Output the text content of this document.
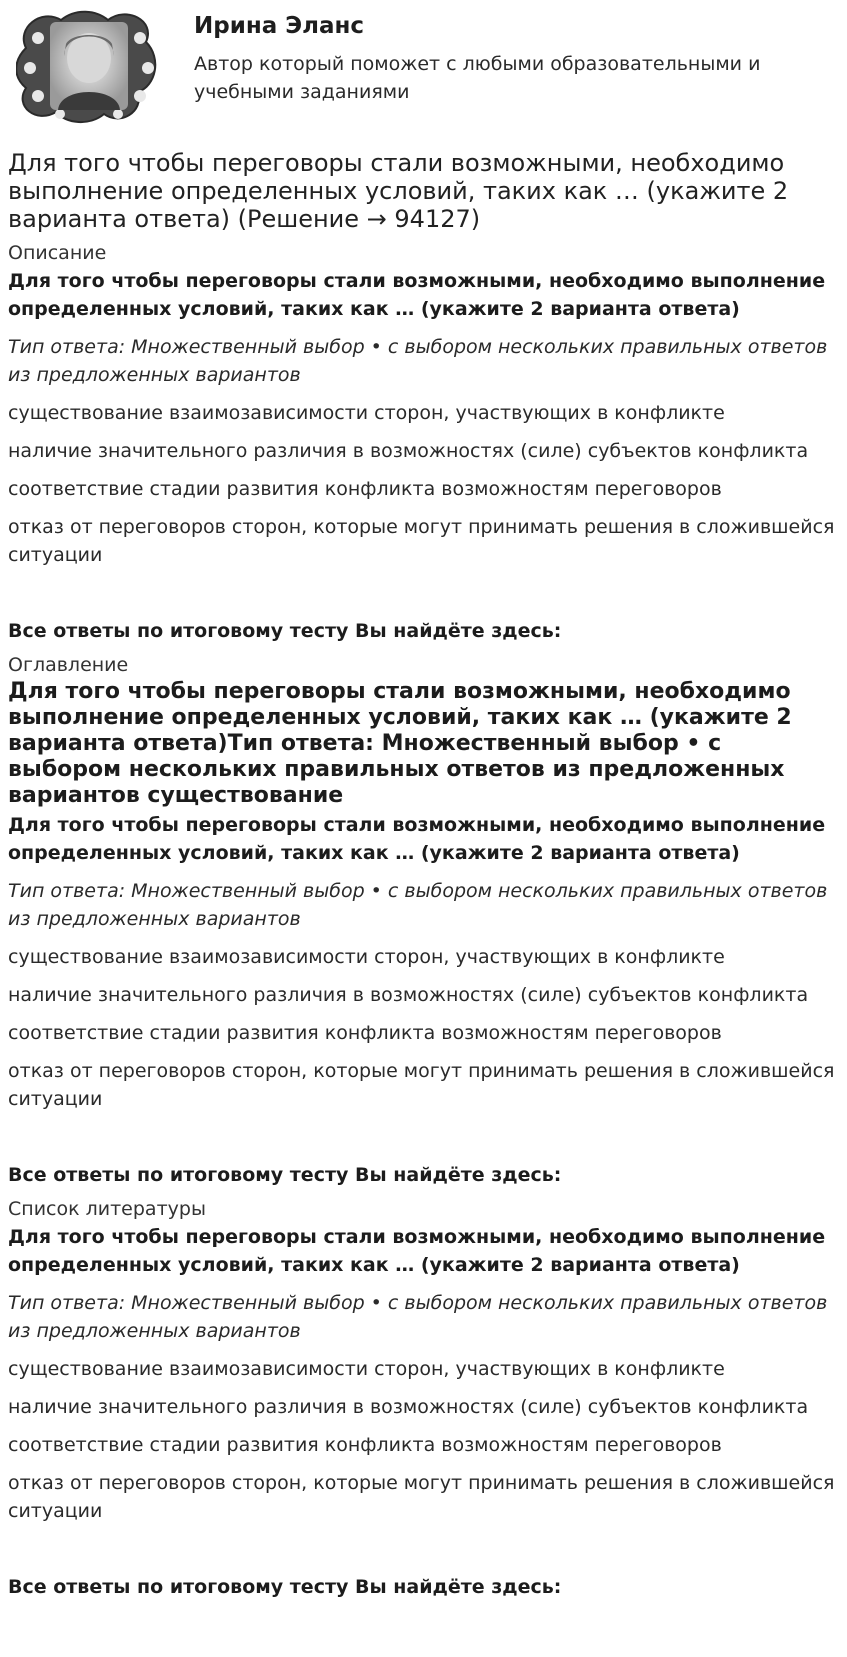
Ирина Эланс

Автор который поможет с любыми образовательными и учебными заданиями

Для того чтобы переговоры стали возможными, необходимо выполнение определенных условий, таких как … (укажите 2 варианта ответа) (Решение → 94127)
Описание

Для того чтобы переговоры стали возможными, необходимо выполнение определенных условий, таких как … (укажите 2 варианта ответа)

Тип ответа: Множественный выбор • с выбором нескольких правильных ответов из предложенных вариантов

существование взаимозависимости сторон, участвующих в конфликте

наличие значительного различия в возможностях (силе) субъектов конфликта

соответствие стадии развития конфликта возможностям переговоров

отказ от переговоров сторон, которые могут принимать решения в сложившейся ситуации

Все ответы по итоговому тесту Вы найдёте здесь:

Оглавление
Для того чтобы переговоры стали возможными, необходимо выполнение определенных условий, таких как … (укажите 2 варианта ответа)Тип ответа: Множественный выбор • с выбором нескольких правильных ответов из предложенных вариантов существование

Для того чтобы переговоры стали возможными, необходимо выполнение определенных условий, таких как … (укажите 2 варианта ответа)

Тип ответа: Множественный выбор • с выбором нескольких правильных ответов из предложенных вариантов

существование взаимозависимости сторон, участвующих в конфликте

наличие значительного различия в возможностях (силе) субъектов конфликта

соответствие стадии развития конфликта возможностям переговоров

отказ от переговоров сторон, которые могут принимать решения в сложившейся ситуации

Все ответы по итоговому тесту Вы найдёте здесь:

Список литературы

Для того чтобы переговоры стали возможными, необходимо выполнение определенных условий, таких как … (укажите 2 варианта ответа)

Тип ответа: Множественный выбор • с выбором нескольких правильных ответов из предложенных вариантов

существование взаимозависимости сторон, участвующих в конфликте

наличие значительного различия в возможностях (силе) субъектов конфликта

соответствие стадии развития конфликта возможностям переговоров

отказ от переговоров сторон, которые могут принимать решения в сложившейся ситуации

Все ответы по итоговому тесту Вы найдёте здесь:
